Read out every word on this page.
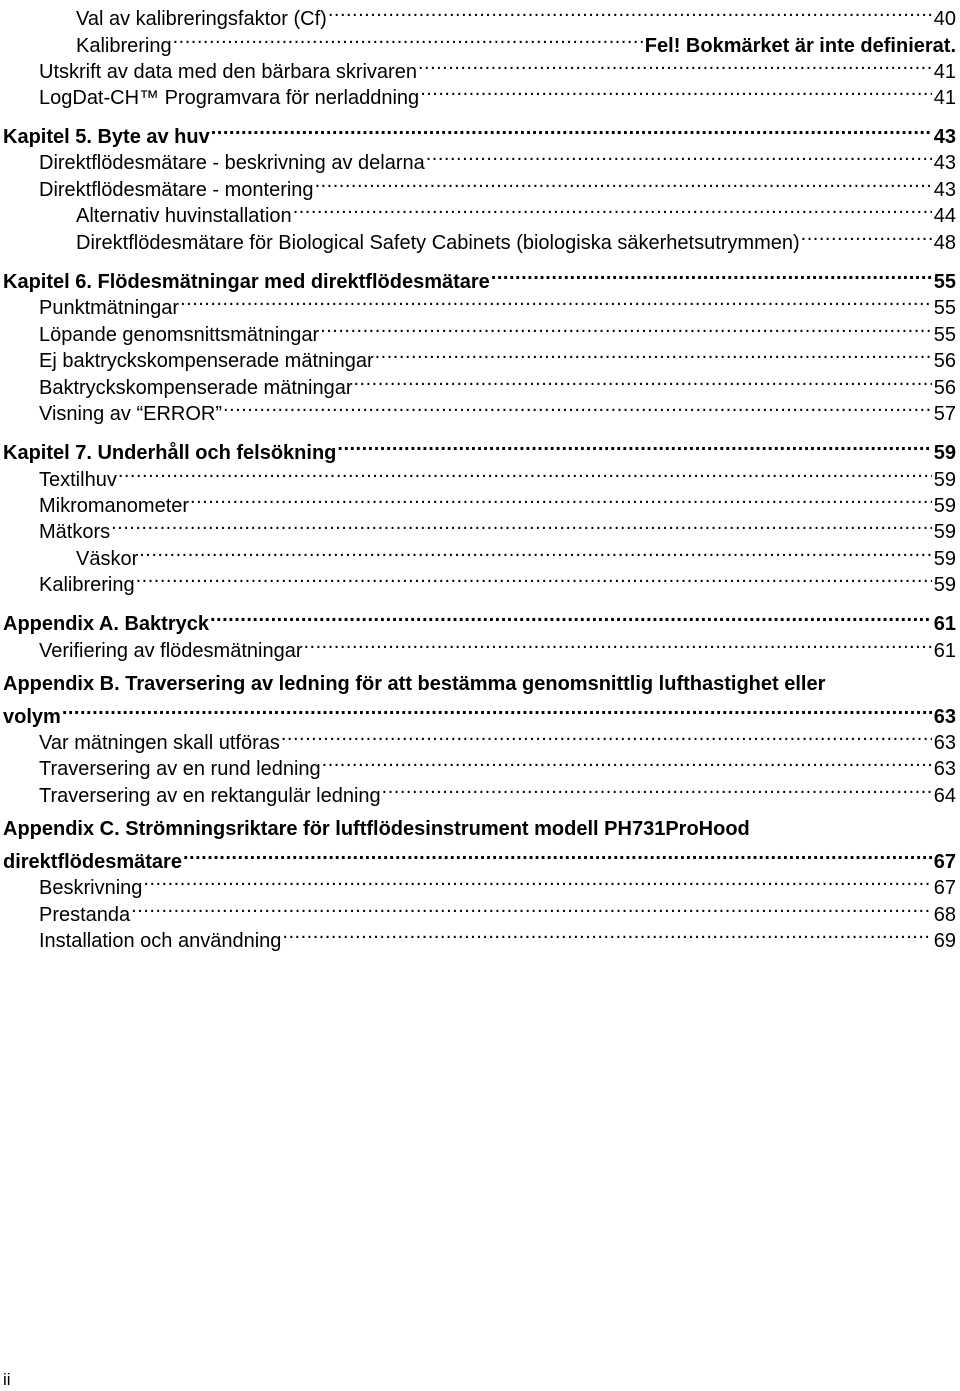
Val av kalibreringsfaktor (Cf) .....	40
Kalibrering .....	Fel! Bokmärket är inte definierat.
Utskrift av data med den bärbara skrivaren .....	41
LogDat-CH™ Programvara för nerladdning .....	41
Kapitel 5. Byte av huv .....	43
Direktflödesmätare - beskrivning av delarna .....	43
Direktflödesmätare - montering .....	43
Alternativ huvinstallation .....	44
Direktflödesmätare för Biological Safety Cabinets (biologiska säkerhetsutrymmen) .....	48
Kapitel 6. Flödesmätningar med direktflödesmätare .....	55
Punktmätningar .....	55
Löpande genomsnittsmätningar .....	55
Ej baktryckskompenserade mätningar .....	56
Baktryckskompenserade mätningar .....	56
Visning av “ERROR” .....	57
Kapitel 7. Underhåll och felsökning .....	59
Textilhuv .....	59
Mikromanometer .....	59
Mätkors .....	59
Väskor .....	59
Kalibrering .....	59
Appendix A. Baktryck .....	61
Verifiering av flödesmätningar .....	61
Appendix B. Traversering av ledning för att bestämma genomsnittlig lufthastighet eller
volym .....	63
Var mätningen skall utföras .....	63
Traversering av en rund ledning .....	63
Traversering av en rektangulär ledning .....	64
Appendix C. Strömningsriktare för luftflödesinstrument modell PH731ProHood
direktflödesmätare .....	67
Beskrivning .....	67
Prestanda .....	68
Installation och användning .....	69
ii
